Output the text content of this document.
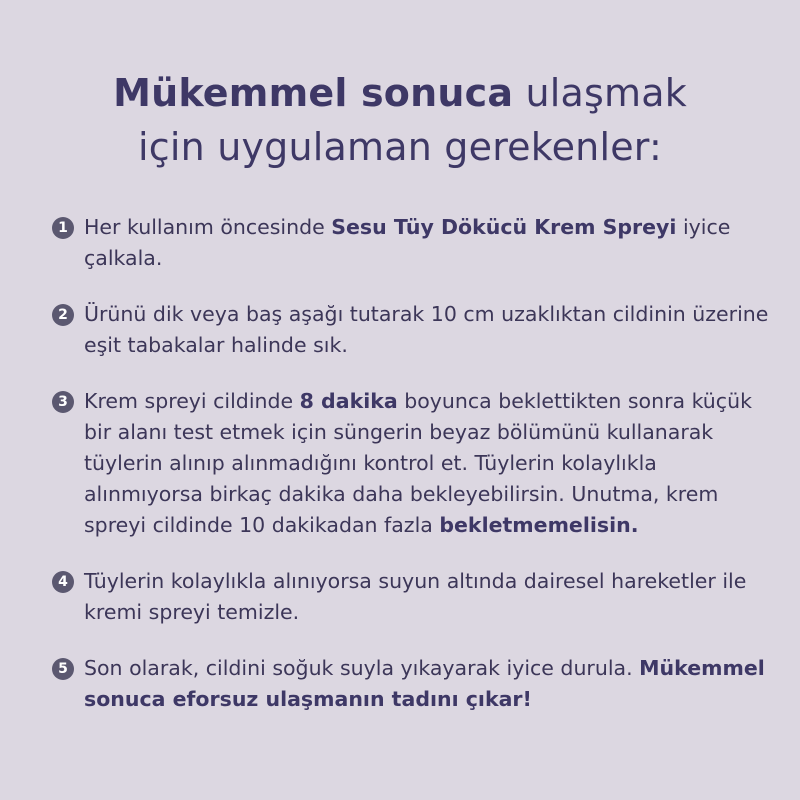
Mükemmel sonuca ulaşmak
için uygulaman gerekenler:
1 Her kullanım öncesinde Sesu Tüy Dökücü Krem Spreyi iyice çalkala.
2 Ürünü dik veya baş aşağı tutarak 10 cm uzaklıktan cildinin üzerine eşit tabakalar halinde sık.
3 Krem spreyi cildinde 8 dakika boyunca beklettikten sonra küçük bir alanı test etmek için süngerin beyaz bölümünü kullanarak tüylerin alınıp alınmadığını kontrol et. Tüylerin kolaylıkla alınmıyorsa birkaç dakika daha bekleyebilirsin. Unutma, krem spreyi cildinde 10 dakikadan fazla bekletmemelisin.
4 Tüylerin kolaylıkla alınıyorsa suyun altında dairesel hareketler ile kremi spreyi temizle.
5 Son olarak, cildini soğuk suyla yıkayarak iyice durula. Mükemmel sonuca eforsuz ulaşmanın tadını çıkar!
